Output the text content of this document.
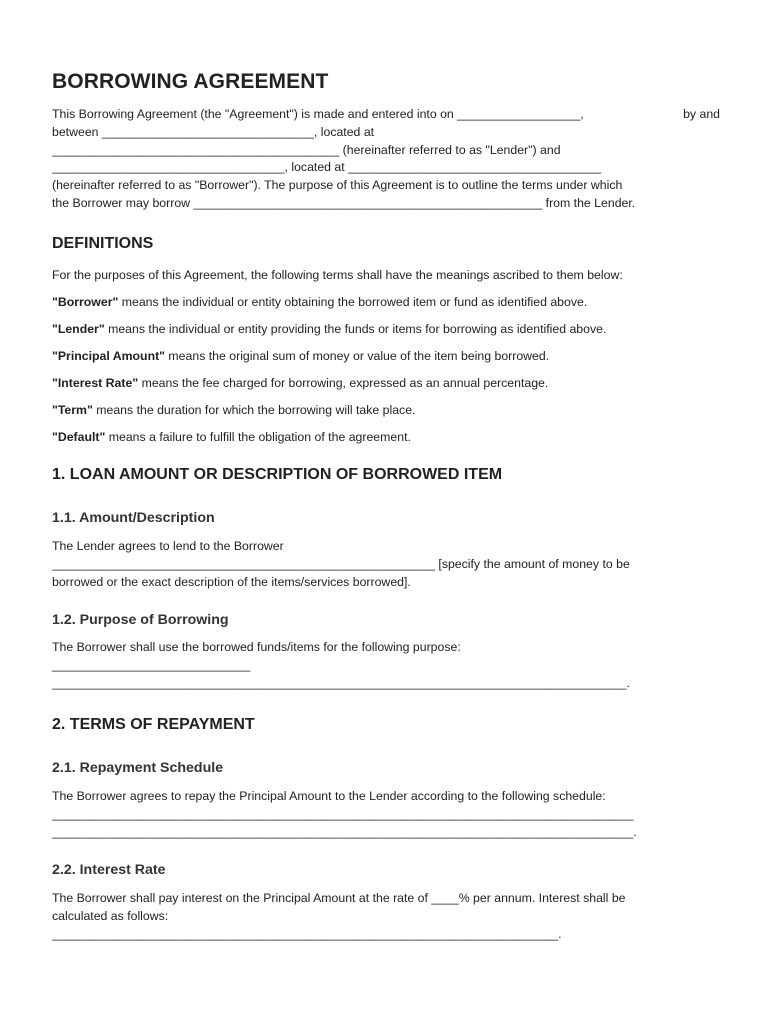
BORROWING AGREEMENT
This Borrowing Agreement (the "Agreement") is made and entered into on __________________,	by and

between _______________________________, located at

__________________________________________ (hereinafter referred to as "Lender") and

__________________________________, located at _____________________________________

(hereinafter referred to as "Borrower"). The purpose of this Agreement is to outline the terms under which

the Borrower may borrow ___________________________________________________ from the Lender.

DEFINITIONS

For the purposes of this Agreement, the following terms shall have the meanings ascribed to them below:

"Borrower" means the individual or entity obtaining the borrowed item or fund as identified above.

"Lender" means the individual or entity providing the funds or items for borrowing as identified above.

"Principal Amount" means the original sum of money or value of the item being borrowed.

"Interest Rate" means the fee charged for borrowing, expressed as an annual percentage.

"Term" means the duration for which the borrowing will take place.

"Default" means a failure to fulfill the obligation of the agreement.

1. LOAN AMOUNT OR DESCRIPTION OF BORROWED ITEM
1.1. Amount/Description

The Lender agrees to lend to the Borrower

________________________________________________________ [specify the amount of money to be

borrowed or the exact description of the items/services borrowed].

1.2. Purpose of Borrowing

The Borrower shall use the borrowed funds/items for the following purpose:

_____________________________

____________________________________________________________________________________.

2. TERMS OF REPAYMENT
2.1. Repayment Schedule

The Borrower agrees to repay the Principal Amount to the Lender according to the following schedule:

_____________________________________________________________________________________

_____________________________________________________________________________________.

2.2. Interest Rate

The Borrower shall pay interest on the Principal Amount at the rate of ____% per annum. Interest shall be

calculated as follows:

__________________________________________________________________________.
